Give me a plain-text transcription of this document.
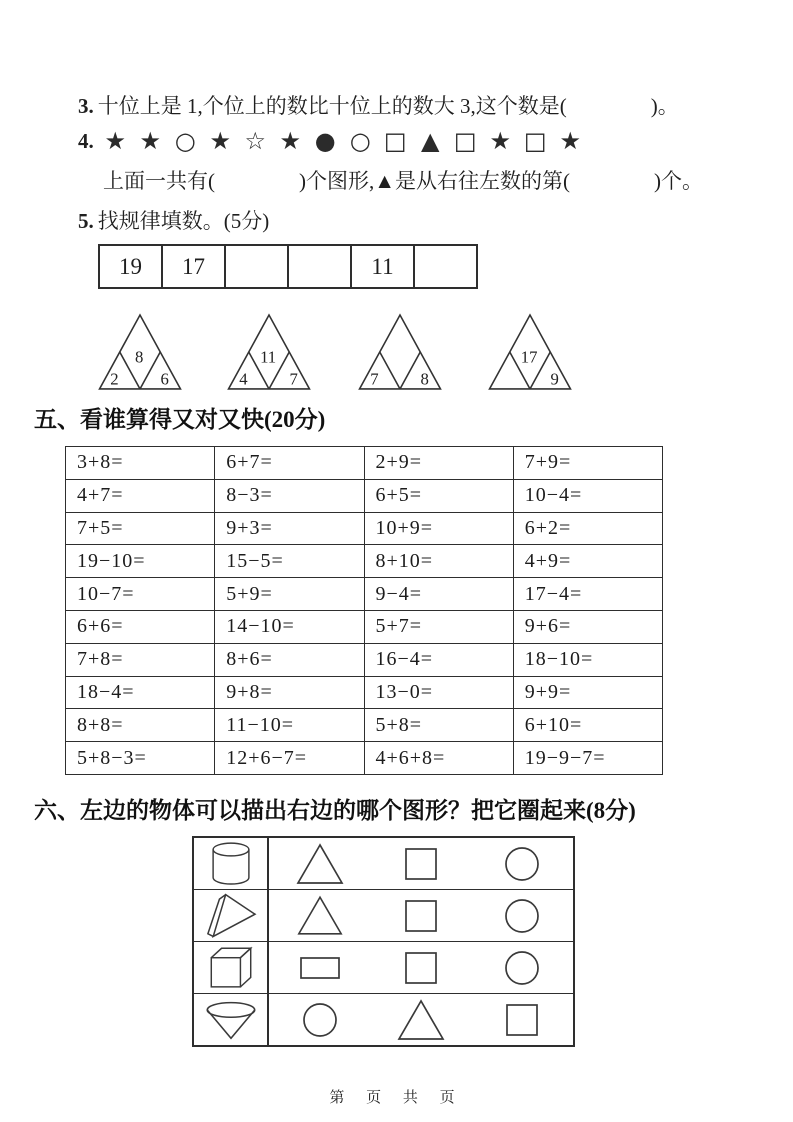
3. 十位上是 1,个位上的数比十位上的数大 3,这个数是(　　　　)。
4. ★ ★ ○ ★ ☆ ★ ● ○ □ ▲ □ ★ □ ★
上面一共有(　　　　)个图形,▲是从右往左数的第(　　　　)个。
5. 找规律填数。(5分)
19	17			11	
8
2 6
11
4 7	7 8
17
9
五、看谁算得又对又快(20分)
3+8=	6+7=	2+9=	7+9=
4+7=	8−3=	6+5=	10−4=
7+5=	9+3=	10+9=	6+2=
19−10=	15−5=	8+10=	4+9=
10−7=	5+9=	9−4=	17−4=
6+6=	14−10=	5+7=	9+6=
7+8=	8+6=	16−4=	18−10=
18−4=	9+8=	13−0=	9+9=
8+8=	11−10=	5+8=	6+10=
5+8−3=	12+6−7=	4+6+8=	19−9−7=
六、左边的物体可以描出右边的哪个图形？把它圈起来(8分)
第 页 共 页
